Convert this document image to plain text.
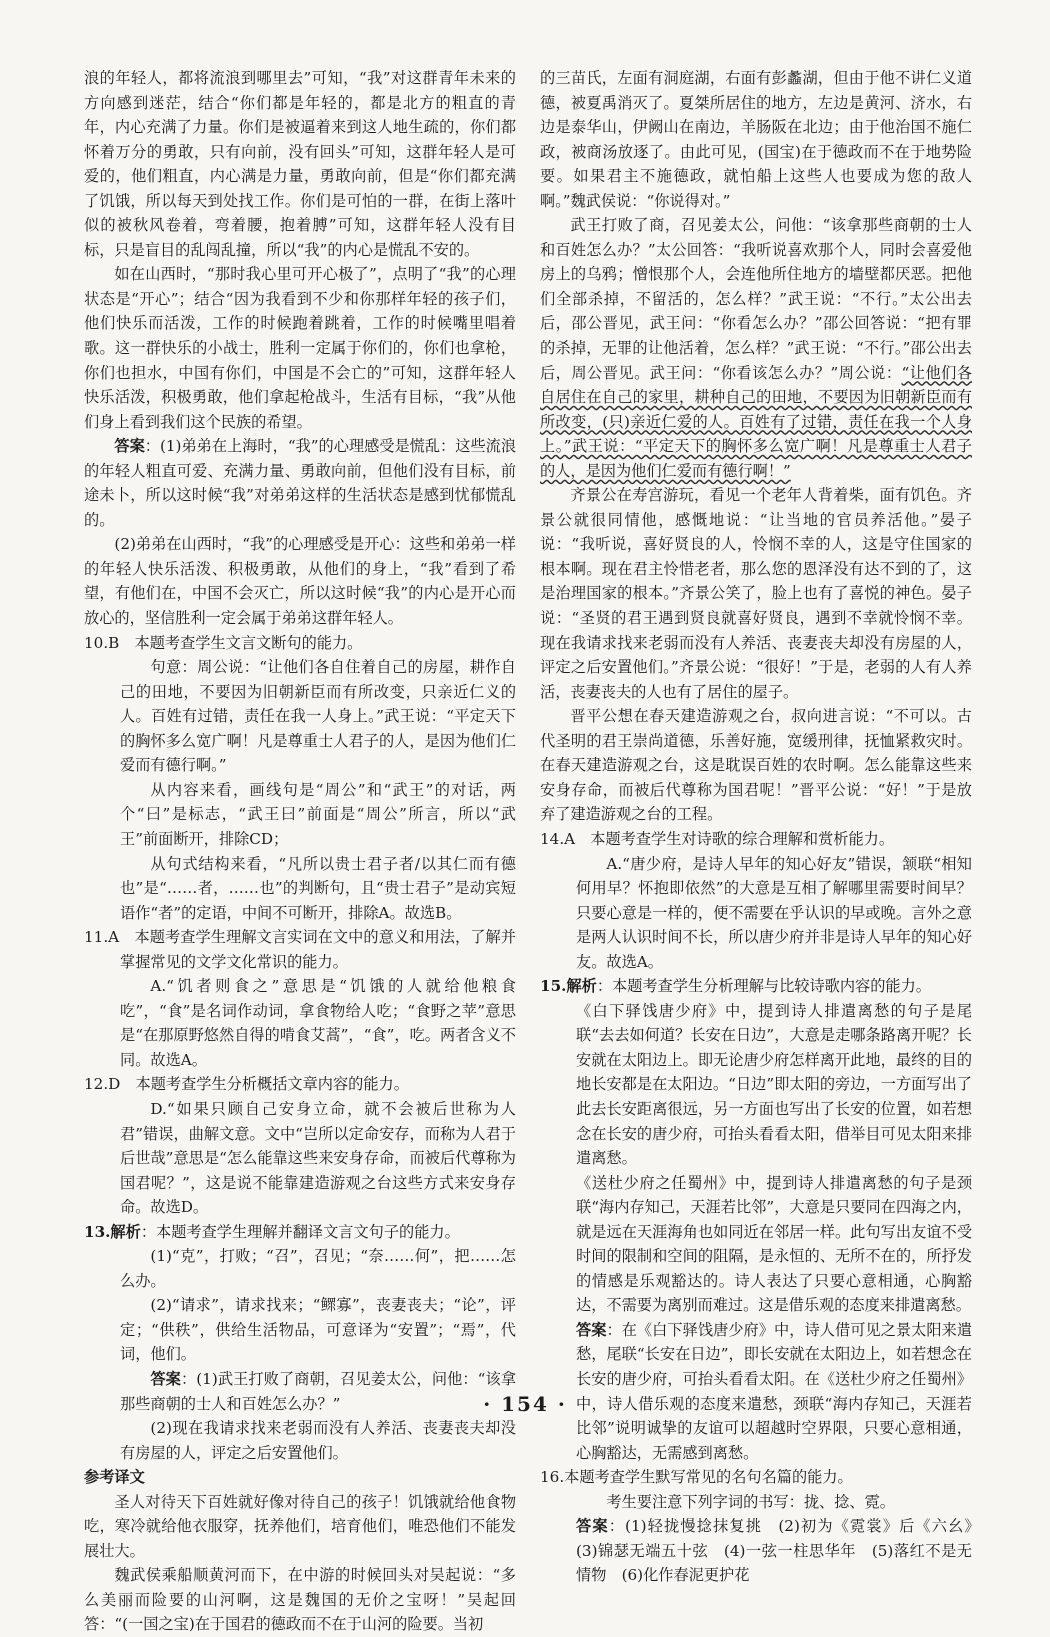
浪的年轻人，都将流浪到哪里去”可知，“我”对这群青年未来的方向感到迷茫，结合“你们都是年轻的，都是北方的粗直的青年，内心充满了力量。你们是被逼着来到这人地生疏的，你们都怀着万分的勇敢，只有向前，没有回头”可知，这群年轻人是可爱的，他们粗直，内心满是力量，勇敢向前，但是“你们都充满了饥饿，所以每天到处找工作。你们是可怕的一群，在街上落叶似的被秋风卷着，弯着腰，抱着膊”可知，这群年轻人没有目标，只是盲目的乱闯乱撞，所以“我”的内心是慌乱不安的。

如在山西时，“那时我心里可开心极了”，点明了“我”的心理状态是“开心”；结合“因为我看到不少和你那样年轻的孩子们，他们快乐而活泼，工作的时候跑着跳着，工作的时候嘴里唱着歌。这一群快乐的小战士，胜利一定属于你们的，你们也拿枪，你们也担水，中国有你们，中国是不会亡的”可知，这群年轻人快乐活泼，积极勇敢，他们拿起枪战斗，生活有目标，“我”从他们身上看到我们这个民族的希望。

答案：(1)弟弟在上海时，“我”的心理感受是慌乱：这些流浪的年轻人粗直可爱、充满力量、勇敢向前，但他们没有目标，前途未卜，所以这时候“我”对弟弟这样的生活状态是感到忧郁慌乱的。

(2)弟弟在山西时，“我”的心理感受是开心：这些和弟弟一样的年轻人快乐活泼、积极勇敢，从他们的身上，“我”看到了希望，有他们在，中国不会灭亡，所以这时候“我”的内心是开心而放心的，坚信胜利一定会属于弟弟这群年轻人。

10.B　本题考查学生文言文断句的能力。

句意：周公说：“让他们各自住着自己的房屋，耕作自己的田地，不要因为旧朝新臣而有所改变，只亲近仁义的人。百姓有过错，责任在我一人身上。”武王说：“平定天下的胸怀多么宽广啊！凡是尊重士人君子的人，是因为他们仁爱而有德行啊。”

从内容来看，画线句是“周公”和“武王”的对话，两个“曰”是标志，“武王曰”前面是“周公”所言，所以“武王”前面断开，排除CD；

从句式结构来看，“凡所以贵士君子者/以其仁而有德也”是“……者，……也”的判断句，且“贵士君子”是动宾短语作“者”的定语，中间不可断开，排除A。故选B。

11.A　本题考查学生理解文言实词在文中的意义和用法，了解并掌握常见的文学文化常识的能力。

A.“饥者则食之”意思是“饥饿的人就给他粮食吃”，“食”是名词作动词，拿食物给人吃；“食野之苹”意思是“在那原野悠然自得的啃食艾蒿”，“食”，吃。两者含义不同。故选A。

12.D　本题考查学生分析概括文章内容的能力。

D.“如果只顾自己安身立命，就不会被后世称为人君”错误，曲解文意。文中“岂所以定命安存，而称为人君于后世哉”意思是“怎么能靠这些来安身存命，而被后代尊称为国君呢？”，这是说不能靠建造游观之台这些方式来安身存命。故选D。

13.解析：本题考查学生理解并翻译文言文句子的能力。

(1)“克”，打败；“召”，召见；“奈……何”，把……怎么办。

(2)“请求”，请求找来；“鳏寡”，丧妻丧夫；“论”，评定；“供秩”，供给生活物品，可意译为“安置”；“焉”，代词，他们。

答案：(1)武王打败了商朝，召见姜太公，问他：“该拿那些商朝的士人和百姓怎么办？”

(2)现在我请求找来老弱而没有人养活、丧妻丧夫却没有房屋的人，评定之后安置他们。

参考译文

圣人对待天下百姓就好像对待自己的孩子！饥饿就给他食物吃，寒冷就给他衣服穿，抚养他们，培育他们，唯恐他们不能发展壮大。

魏武侯乘船顺黄河而下，在中游的时候回头对吴起说：“多么美丽而险要的山河啊，这是魏国的无价之宝呀！”吴起回答：“(一国之宝)在于国君的德政而不在于山河的险要。当初

的三苗氏，左面有洞庭湖，右面有彭蠡湖，但由于他不讲仁义道德，被夏禹消灭了。夏桀所居住的地方，左边是黄河、济水，右边是泰华山，伊阙山在南边，羊肠阪在北边；由于他治国不施仁政，被商汤放逐了。由此可见，(国宝)在于德政而不在于地势险要。如果君主不施德政，就怕船上这些人也要成为您的敌人啊。”魏武侯说：“你说得对。”

武王打败了商，召见姜太公，问他：“该拿那些商朝的士人和百姓怎么办？”太公回答：“我听说喜欢那个人，同时会喜爱他房上的乌鸦；憎恨那个人，会连他所住地方的墙壁都厌恶。把他们全部杀掉，不留活的，怎么样？”武王说：“不行。”太公出去后，邵公晋见，武王问：“你看怎么办？”邵公回答说：“把有罪的杀掉，无罪的让他活着，怎么样？”武王说：“不行。”邵公出去后，周公晋见。武王问：“你看该怎么办？”周公说：“让他们各自居住在自己的家里，耕种自己的田地，不要因为旧朝新臣而有所改变，(只)亲近仁爱的人。百姓有了过错，责任在我一个人身上。”武王说：“平定天下的胸怀多么宽广啊！凡是尊重士人君子的人，是因为他们仁爱而有德行啊！”

齐景公在寿宫游玩，看见一个老年人背着柴，面有饥色。齐景公就很同情他，感慨地说：“让当地的官员养活他。”晏子说：“我听说，喜好贤良的人，怜悯不幸的人，这是守住国家的根本啊。现在君主怜惜老者，那么您的恩泽没有达不到的了，这是治理国家的根本。”齐景公笑了，脸上也有了喜悦的神色。晏子说：“圣贤的君王遇到贤良就喜好贤良，遇到不幸就怜悯不幸。现在我请求找来老弱而没有人养活、丧妻丧夫却没有房屋的人，评定之后安置他们。”齐景公说：“很好！”于是，老弱的人有人养活，丧妻丧夫的人也有了居住的屋子。

晋平公想在春天建造游观之台，叔向进言说：“不可以。古代圣明的君王崇尚道德，乐善好施，宽缓刑律，抚恤紧救灾时。在春天建造游观之台，这是耽误百姓的农时啊。怎么能靠这些来安身存命，而被后代尊称为国君呢！”晋平公说：“好！”于是放弃了建造游观之台的工程。

14.A　本题考查学生对诗歌的综合理解和赏析能力。

A.“唐少府，是诗人早年的知心好友”错误，颔联“相知何用早？怀抱即依然”的大意是互相了解哪里需要时间早？只要心意是一样的，便不需要在乎认识的早或晚。言外之意是两人认识时间不长，所以唐少府并非是诗人早年的知心好友。故选A。

15.解析：本题考查学生分析理解与比较诗歌内容的能力。

《白下驿饯唐少府》中，提到诗人排遣离愁的句子是尾联“去去如何道？长安在日边”，大意是走哪条路离开呢？长安就在太阳边上。即无论唐少府怎样离开此地，最终的目的地长安都是在太阳边。“日边”即太阳的旁边，一方面写出了此去长安距离很远，另一方面也写出了长安的位置，如若想念在长安的唐少府，可抬头看看太阳，借举目可见太阳来排遣离愁。

《送杜少府之任蜀州》中，提到诗人排遣离愁的句子是颈联“海内存知己，天涯若比邻”，大意是只要同在四海之内，就是远在天涯海角也如同近在邻居一样。此句写出友谊不受时间的限制和空间的阻隔，是永恒的、无所不在的，所抒发的情感是乐观豁达的。诗人表达了只要心意相通，心胸豁达，不需要为离别而难过。这是借乐观的态度来排遣离愁。

答案：在《白下驿饯唐少府》中，诗人借可见之景太阳来遣愁，尾联“长安在日边”，即长安就在太阳边上，如若想念在长安的唐少府，可抬头看看太阳。在《送杜少府之任蜀州》中，诗人借乐观的态度来遣愁，颈联“海内存知己，天涯若比邻”说明诚挚的友谊可以超越时空界限，只要心意相通，心胸豁达，无需感到离愁。

16.本题考查学生默写常见的名句名篇的能力。

考生要注意下列字词的书写：拢、捻、霓。

答案：(1)轻拢慢捻抹复挑　(2)初为《霓裳》后《六幺》　(3)锦瑟无端五十弦　(4)一弦一柱思华年　(5)落红不是无情物　(6)化作春泥更护花

· 154 ·
